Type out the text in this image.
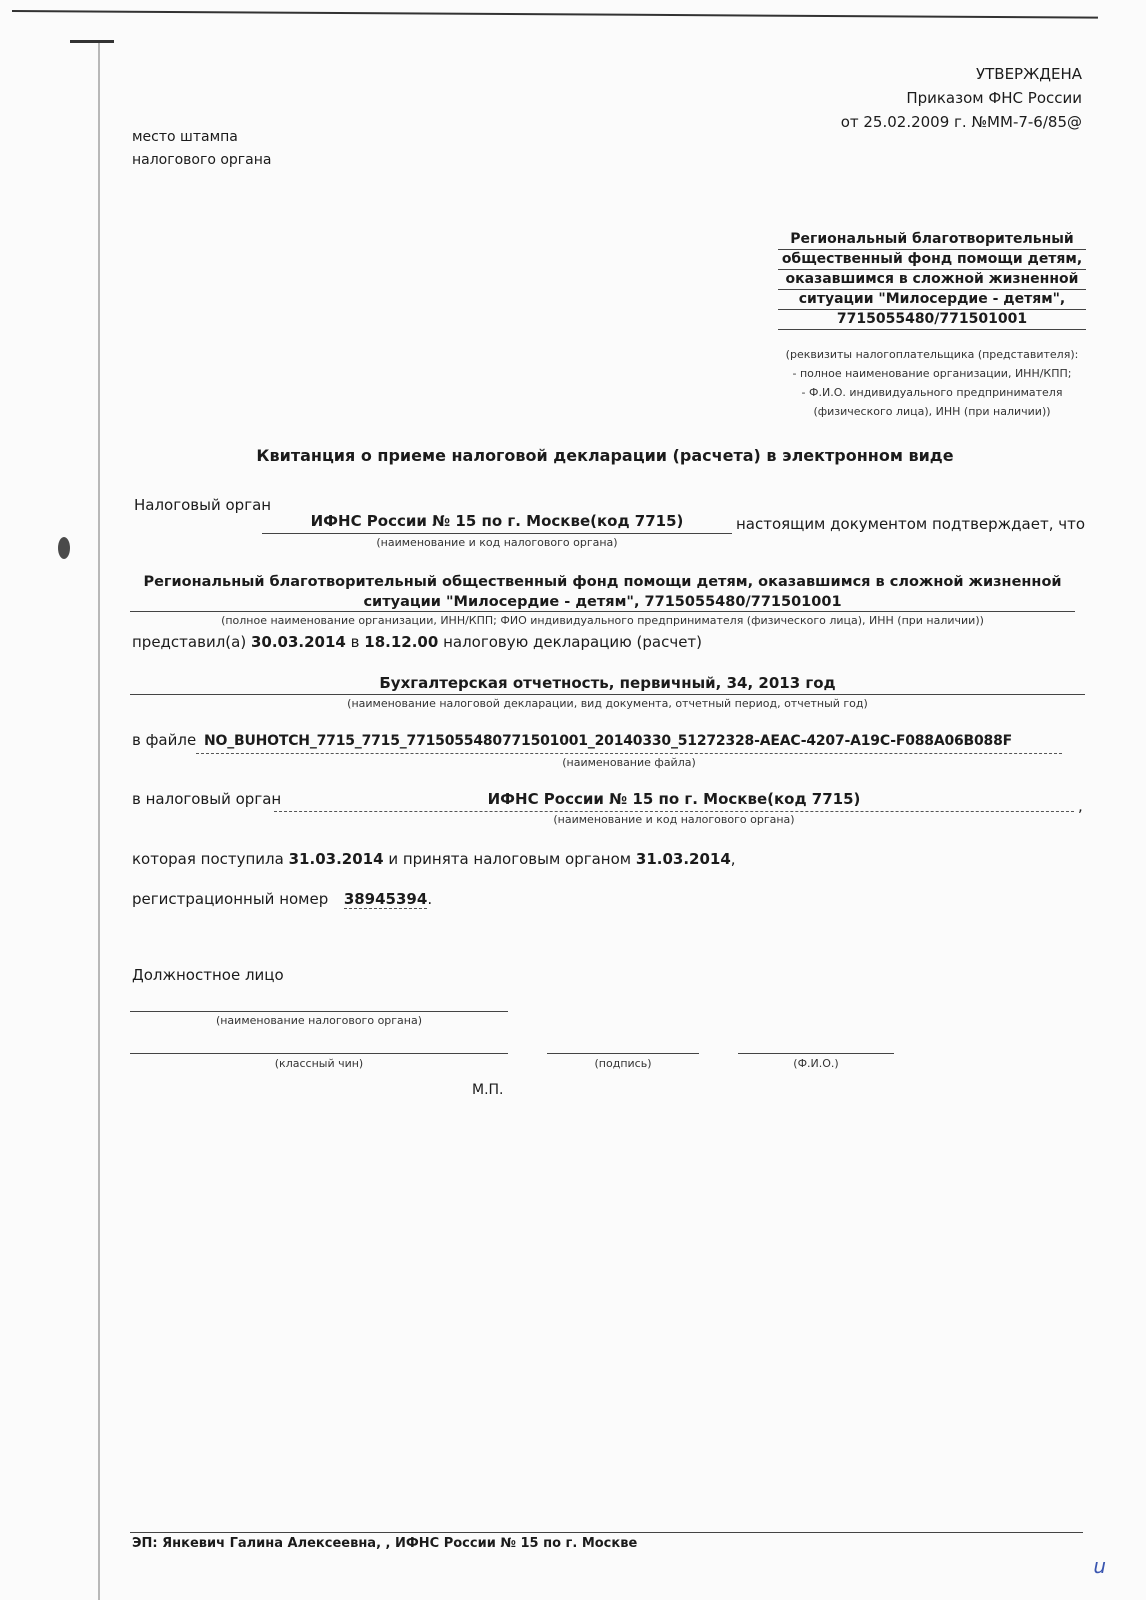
УТВЕРЖДЕНА
Приказом ФНС России
от 25.02.2009 г. №ММ-7-6/85@
место штампа
налогового органа
Региональный благотворительный
общественный фонд помощи детям,
оказавшимся в сложной жизненной
ситуации "Милосердие - детям",
7715055480/771501001
(реквизиты налогоплательщика (представителя):
- полное наименование организации, ИНН/КПП;
- Ф.И.О. индивидуального предпринимателя
(физического лица), ИНН (при наличии))
Квитанция о приеме налоговой декларации (расчета) в электронном виде
Налоговый орган
ИФНС России № 15 по г. Москве(код 7715)	настоящим документом подтверждает, что
(наименование и код налогового органа)
Региональный благотворительный общественный фонд помощи детям, оказавшимся в сложной жизненной
ситуации "Милосердие - детям", 7715055480/771501001
(полное наименование организации, ИНН/КПП; ФИО индивидуального предпринимателя (физического лица), ИНН (при наличии))
представил(а) 30.03.2014 в 18.12.00 налоговую декларацию (расчет)
Бухгалтерская отчетность, первичный, 34, 2013 год
(наименование налоговой декларации, вид документа, отчетный период, отчетный год)
в файле NO_BUHOTCH_7715_7715_7715055480771501001_20140330_51272328-AEAC-4207-A19C-F088A06B088F
(наименование файла)
в налоговый орган	ИФНС России № 15 по г. Москве(код 7715)	,
(наименование и код налогового органа)
которая поступила 31.03.2014 и принята налоговым органом 31.03.2014,
регистрационный номер 38945394.
Должностное лицо
(наименование налогового органа)
(классный чин)	(подпись)	(Ф.И.О.)
М.П.
ЭП: Янкевич Галина Алексеевна, , ИФНС России № 15 по г. Москве
u
